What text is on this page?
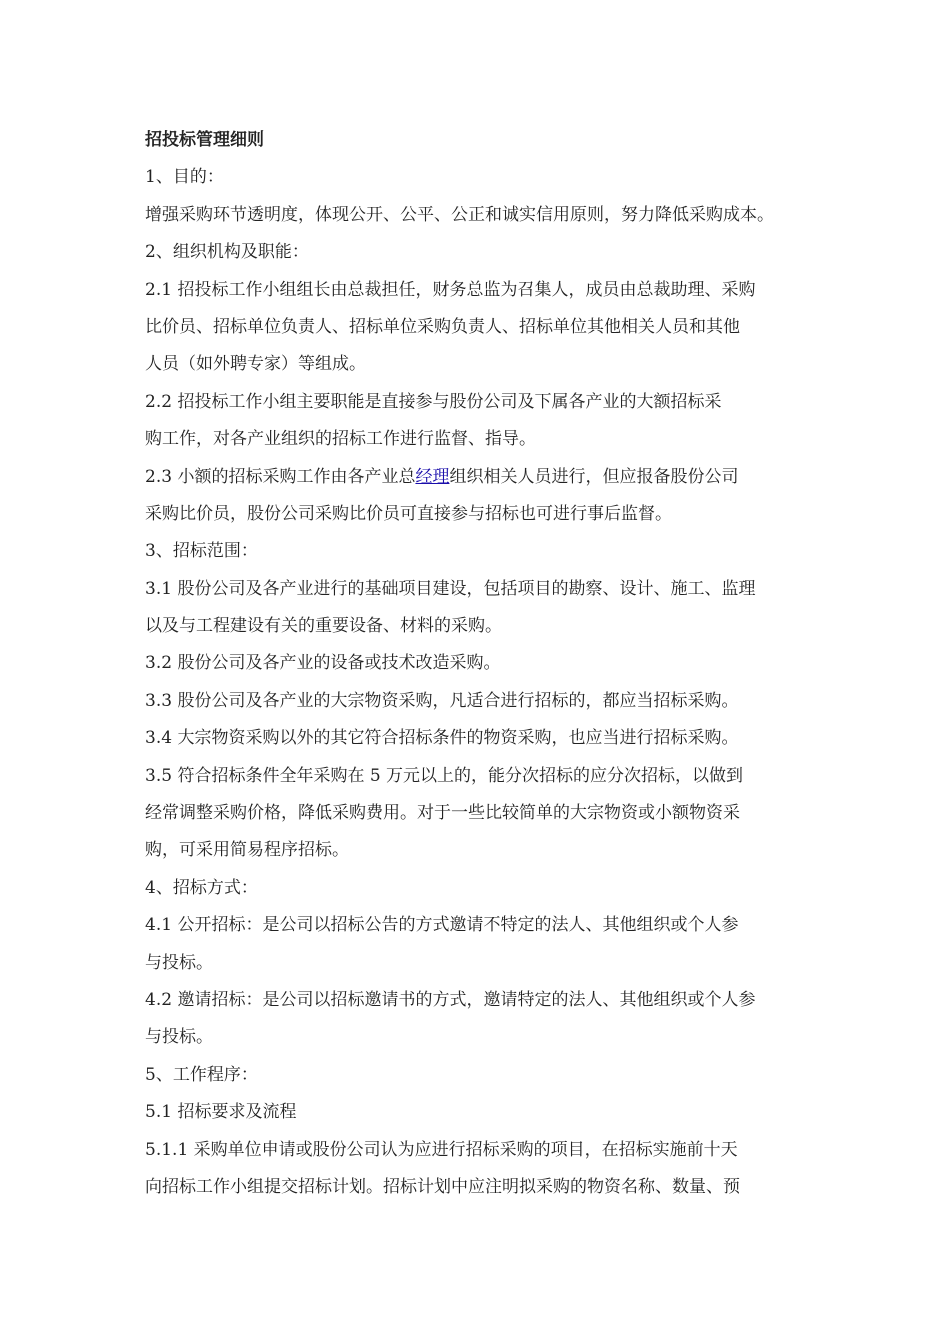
招投标管理细则
1、目的：
增强采购环节透明度，体现公开、公平、公正和诚实信用原则，努力降低采购成本。
2、组织机构及职能：
2.1 招投标工作小组组长由总裁担任，财务总监为召集人，成员由总裁助理、采购
比价员、招标单位负责人、招标单位采购负责人、招标单位其他相关人员和其他
人员（如外聘专家）等组成。
2.2 招投标工作小组主要职能是直接参与股份公司及下属各产业的大额招标采
购工作，对各产业组织的招标工作进行监督、指导。
2.3 小额的招标采购工作由各产业总经理组织相关人员进行，但应报备股份公司
采购比价员，股份公司采购比价员可直接参与招标也可进行事后监督。
3、招标范围：
3.1 股份公司及各产业进行的基础项目建设，包括项目的勘察、设计、施工、监理
以及与工程建设有关的重要设备、材料的采购。
3.2 股份公司及各产业的设备或技术改造采购。
3.3 股份公司及各产业的大宗物资采购，凡适合进行招标的，都应当招标采购。
3.4 大宗物资采购以外的其它符合招标条件的物资采购，也应当进行招标采购。
3.5 符合招标条件全年采购在 5 万元以上的，能分次招标的应分次招标，以做到
经常调整采购价格，降低采购费用。对于一些比较简单的大宗物资或小额物资采
购，可采用简易程序招标。
4、招标方式：
4.1 公开招标：是公司以招标公告的方式邀请不特定的法人、其他组织或个人参
与投标。
4.2 邀请招标：是公司以招标邀请书的方式，邀请特定的法人、其他组织或个人参
与投标。
5、工作程序：
5.1 招标要求及流程
5.1.1 采购单位申请或股份公司认为应进行招标采购的项目，在招标实施前十天
向招标工作小组提交招标计划。招标计划中应注明拟采购的物资名称、数量、预
